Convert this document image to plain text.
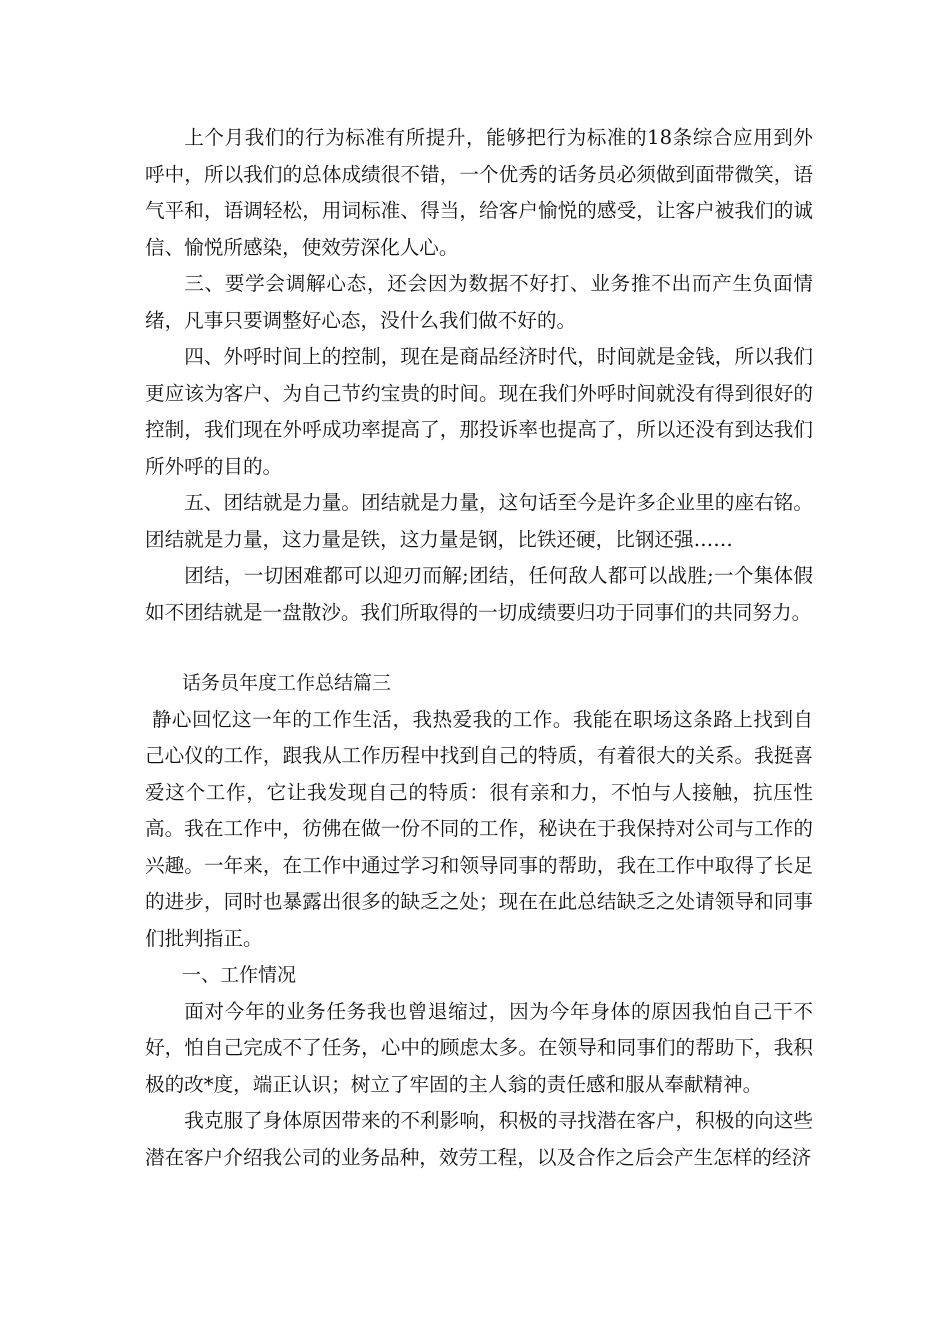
上个月我们的行为标准有所提升，能够把行为标准的18条综合应用到外呼中，所以我们的总体成绩很不错，一个优秀的话务员必须做到面带微笑，语气平和，语调轻松，用词标准、得当，给客户愉悦的感受，让客户被我们的诚信、愉悦所感染，使效劳深化人心。

三、要学会调解心态，还会因为数据不好打、业务推不出而产生负面情绪，凡事只要调整好心态，没什么我们做不好的。

四、外呼时间上的控制，现在是商品经济时代，时间就是金钱，所以我们更应该为客户、为自己节约宝贵的时间。现在我们外呼时间就没有得到很好的控制，我们现在外呼成功率提高了，那投诉率也提高了，所以还没有到达我们所外呼的目的。

五、团结就是力量。团结就是力量，这句话至今是许多企业里的座右铭。团结就是力量，这力量是铁，这力量是钢，比铁还硬，比钢还强……

团结，一切困难都可以迎刃而解;团结，任何敌人都可以战胜;一个集体假如不团结就是一盘散沙。我们所取得的一切成绩要归功于同事们的共同努力。

话务员年度工作总结篇三

静心回忆这一年的工作生活，我热爱我的工作。我能在职场这条路上找到自己心仪的工作，跟我从工作历程中找到自己的特质，有着很大的关系。我挺喜爱这个工作，它让我发现自己的特质：很有亲和力，不怕与人接触，抗压性高。我在工作中，彷佛在做一份不同的工作，秘诀在于我保持对公司与工作的兴趣。一年来，在工作中通过学习和领导同事的帮助，我在工作中取得了长足的进步，同时也暴露出很多的缺乏之处；现在在此总结缺乏之处请领导和同事们批判指正。

一、工作情况

面对今年的业务任务我也曾退缩过，因为今年身体的原因我怕自己干不好，怕自己完成不了任务，心中的顾虑太多。在领导和同事们的帮助下，我积极的改*度，端正认识；树立了牢固的主人翁的责任感和服从奉献精神。

我克服了身体原因带来的不利影响，积极的寻找潜在客户，积极的向这些潜在客户介绍我公司的业务品种，效劳工程，以及合作之后会产生怎样的经济
